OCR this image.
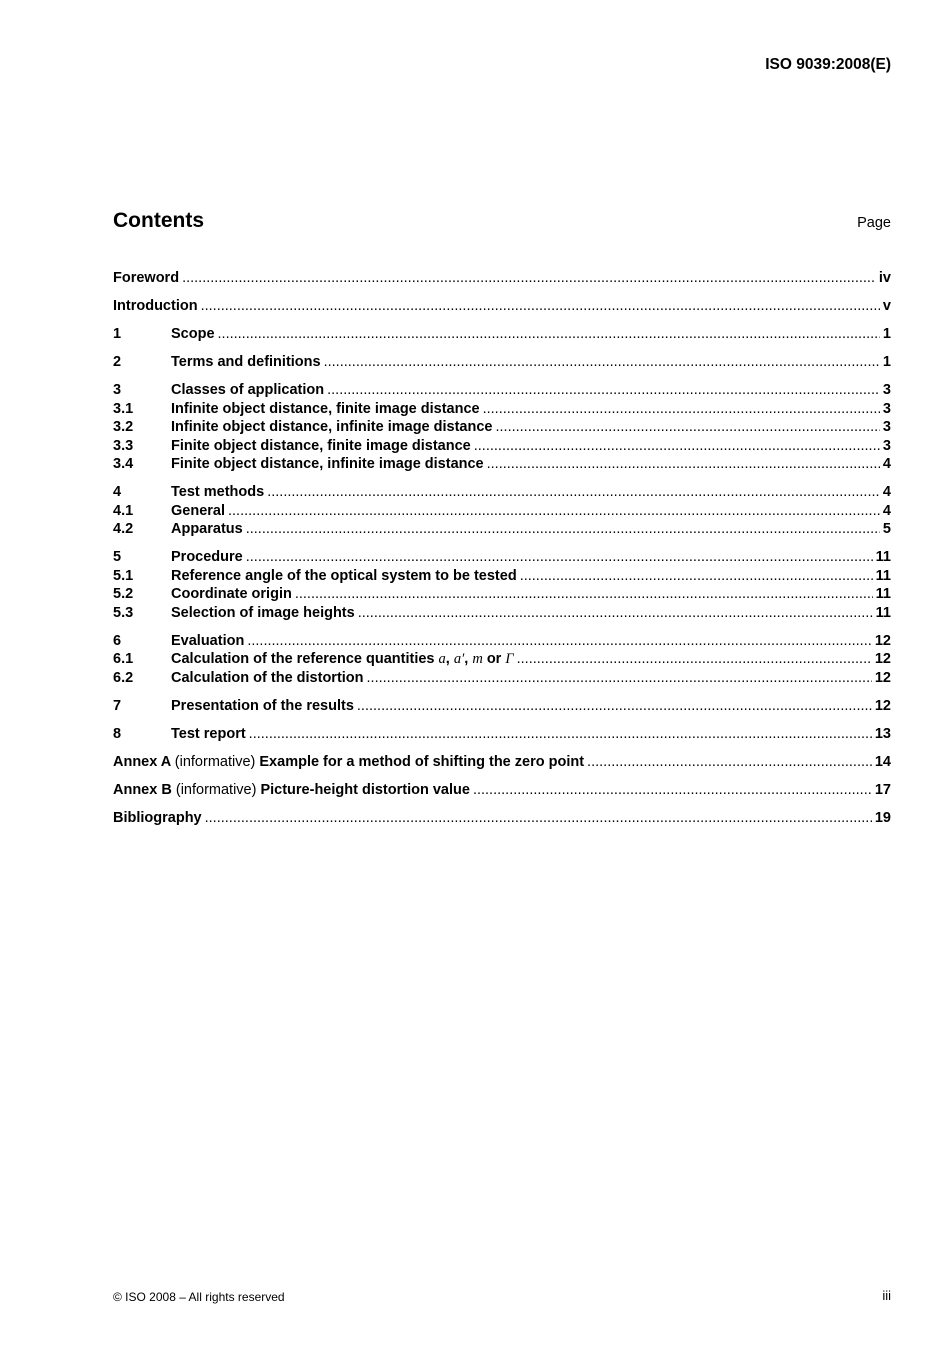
ISO 9039:2008(E)
Contents	Page
Foreword .....	iv
Introduction .....	v
1	Scope .....	1
2	Terms and definitions .....	1
3	Classes of application .....	3
3.1	Infinite object distance, finite image distance .....	3
3.2	Infinite object distance, infinite image distance .....	3
3.3	Finite object distance, finite image distance .....	3
3.4	Finite object distance, infinite image distance .....	4
4	Test methods .....	4
4.1	General .....	4
4.2	Apparatus .....	5
5	Procedure .....	11
5.1	Reference angle of the optical system to be tested .....	11
5.2	Coordinate origin .....	11
5.3	Selection of image heights .....	11
6	Evaluation .....	12
6.1	Calculation of the reference quantities a, a′, m or Γ .....	12
6.2	Calculation of the distortion .....	12
7	Presentation of the results .....	12
8	Test report .....	13
Annex A (informative) Example for a method of shifting the zero point .....	14
Annex B (informative) Picture-height distortion value .....	17
Bibliography .....	19
© ISO 2008 – All rights reserved	iii
